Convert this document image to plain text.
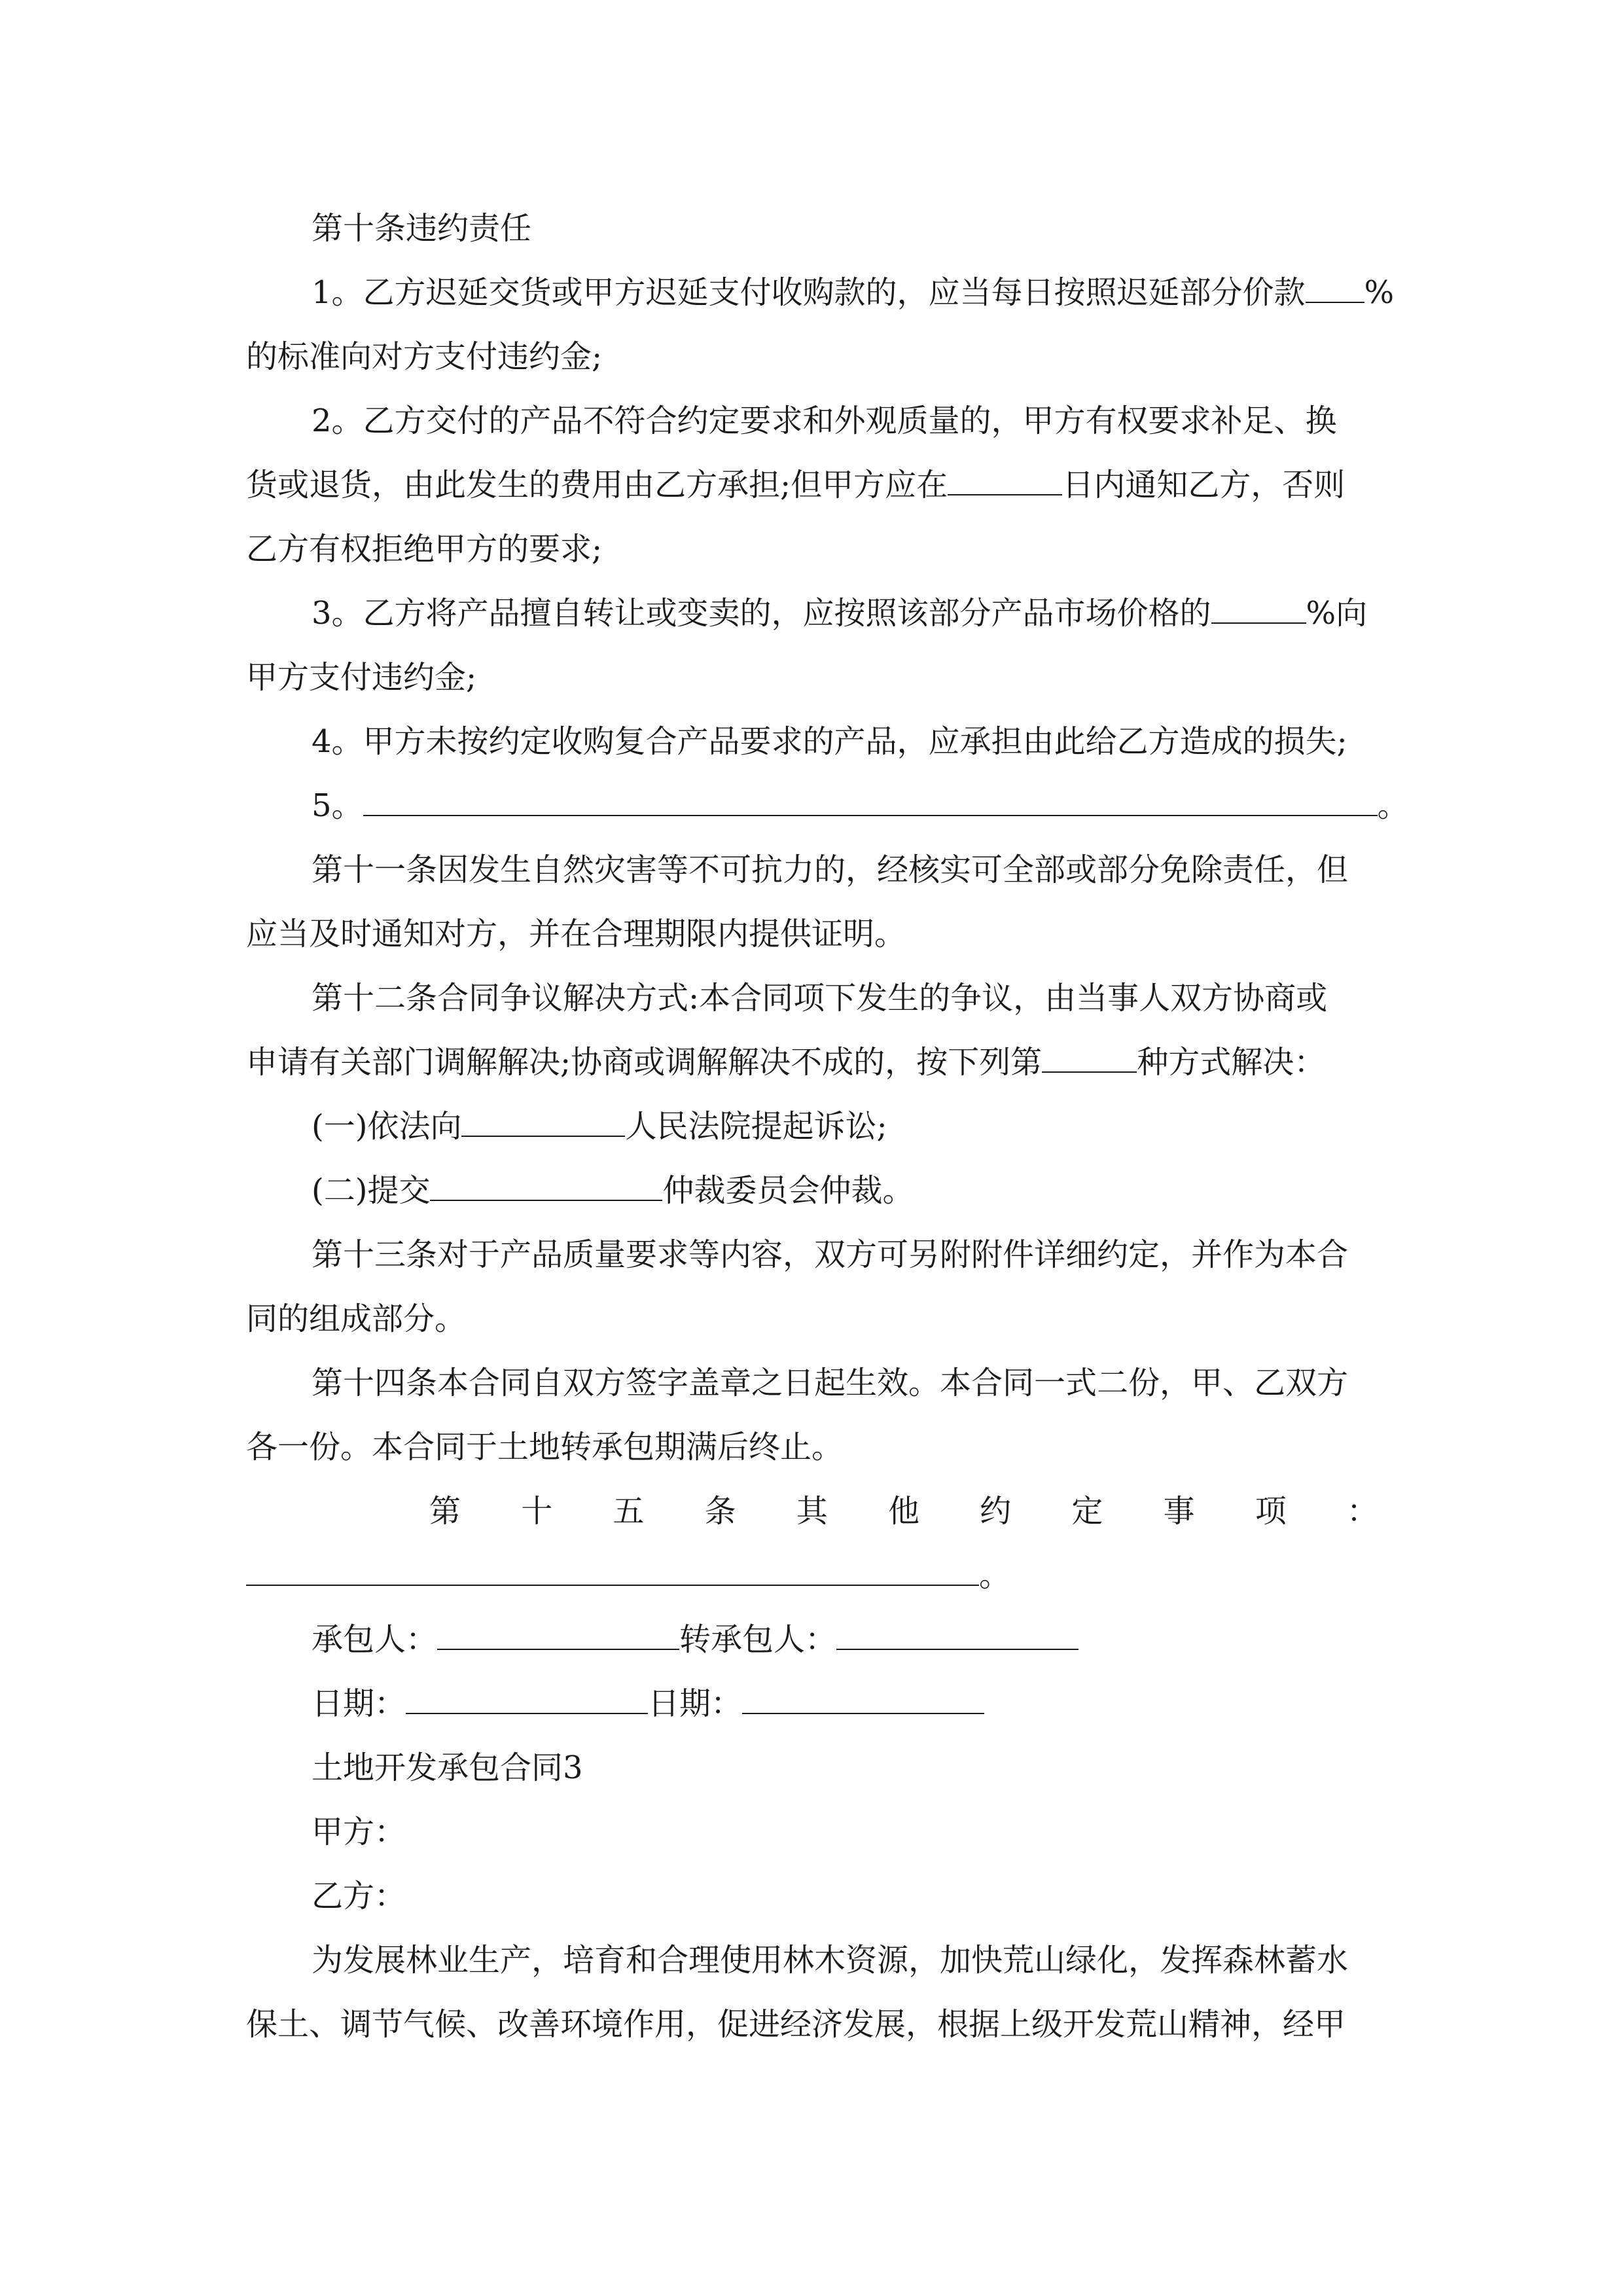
第十条违约责任
1。乙方迟延交货或甲方迟延支付收购款的，应当每日按照迟延部分价款 %
的标准向对方支付违约金;
2。乙方交付的产品不符合约定要求和外观质量的，甲方有权要求补足、换
货或退货，由此发生的费用由乙方承担;但甲方应在	日内通知乙方，否则
乙方有权拒绝甲方的要求;
3。乙方将产品擅自转让或变卖的，应按照该部分产品市场价格的	%向
甲方支付违约金;
4。甲方未按约定收购复合产品要求的产品，应承担由此给乙方造成的损失;
5。	。
第十一条因发生自然灾害等不可抗力的，经核实可全部或部分免除责任，但
应当及时通知对方，并在合理期限内提供证明。
第十二条合同争议解决方式:本合同项下发生的争议，由当事人双方协商或
申请有关部门调解解决;协商或调解解决不成的，按下列第	种方式解决：
(一)依法向	人民法院提起诉讼;
(二)提交	仲裁委员会仲裁。
第十三条对于产品质量要求等内容，双方可另附附件详细约定，并作为本合
同的组成部分。
第十四条本合同自双方签字盖章之日起生效。本合同一式二份，甲、乙双方
各一份。本合同于土地转承包期满后终止。
第 十 五 条 其 他 约 定 事 项 ：
。
承包人：	转承包人：
日期：	日期：
土地开发承包合同3
甲方：
乙方：
为发展林业生产，培育和合理使用林木资源，加快荒山绿化，发挥森林蓄水
保土、调节气候、改善环境作用，促进经济发展，根据上级开发荒山精神，经甲
